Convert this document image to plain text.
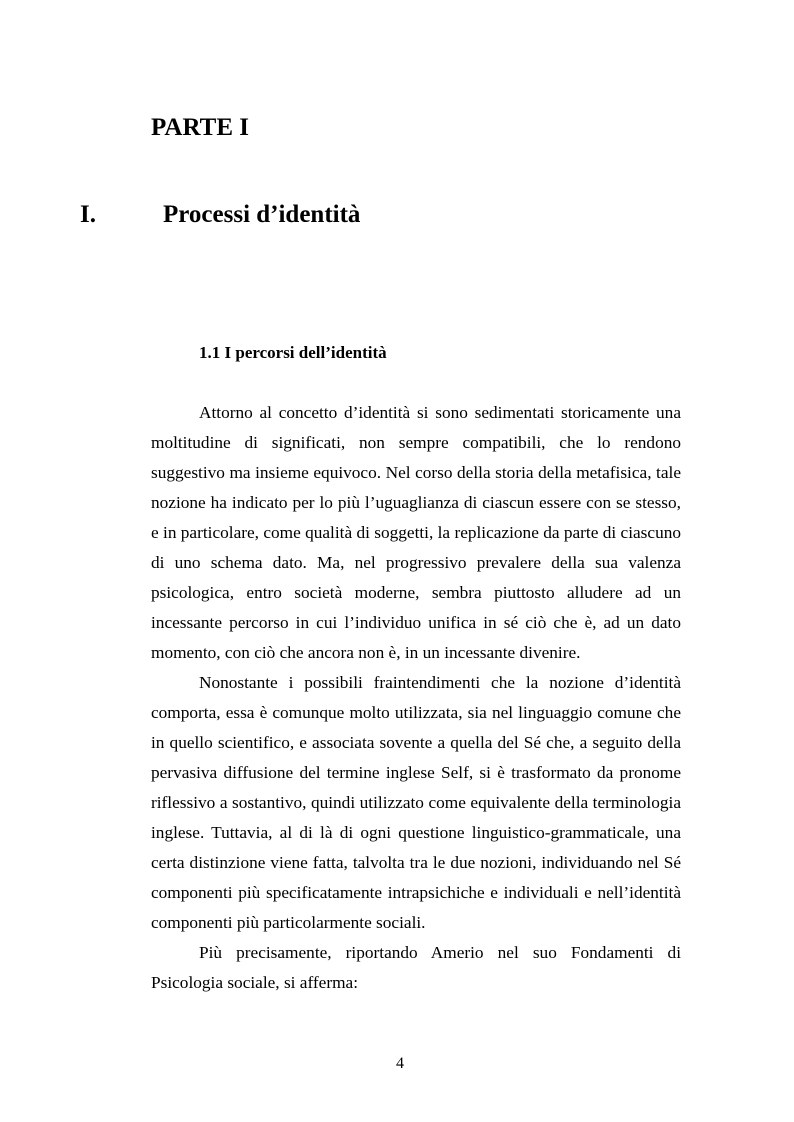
PARTE I
I.	Processi d’identità
1.1 I percorsi dell’identità

Attorno al concetto d’identità si sono sedimentati storicamente una moltitudine di significati, non sempre compatibili, che lo rendono suggestivo ma insieme equivoco. Nel corso della storia della metafisica, tale nozione ha indicato per lo più l’uguaglianza di ciascun essere con se stesso, e in particolare, come qualità di soggetti, la replicazione da parte di ciascuno di uno schema dato. Ma, nel progressivo prevalere della sua valenza psicologica, entro società moderne, sembra piuttosto alludere ad un incessante percorso in cui l’individuo unifica in sé ciò che è, ad un dato momento, con ciò che ancora non è, in un incessante divenire.

Nonostante i possibili fraintendimenti che la nozione d’identità comporta, essa è comunque molto utilizzata, sia nel linguaggio comune che in quello scientifico, e associata sovente a quella del Sé che, a seguito della pervasiva diffusione del termine inglese Self, si è trasformato da pronome riflessivo a sostantivo, quindi utilizzato come equivalente della terminologia inglese. Tuttavia, al di là di ogni questione linguistico-grammaticale, una certa distinzione viene fatta, talvolta tra le due nozioni, individuando nel Sé componenti più specificatamente intrapsichiche e individuali e nell’identità componenti più particolarmente sociali.

Più precisamente, riportando Amerio nel suo Fondamenti di Psicologia sociale, si afferma:

4
